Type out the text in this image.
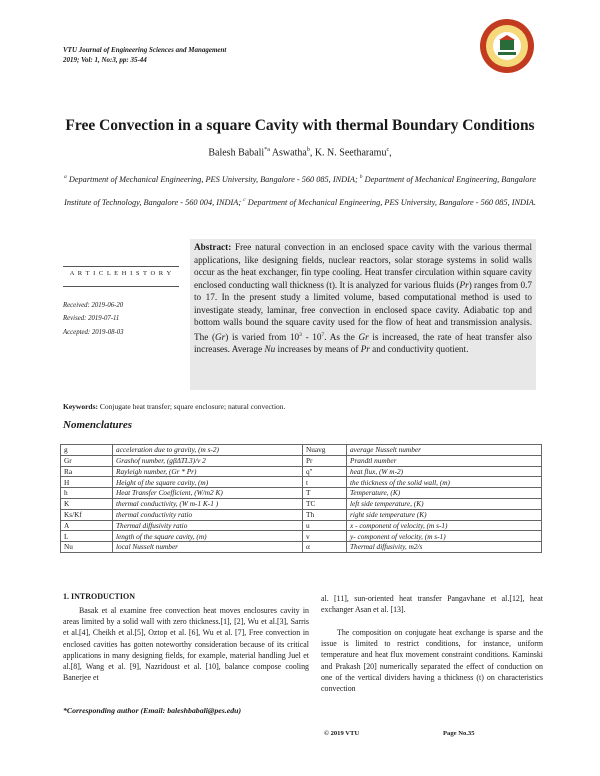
VTU Journal of Engineering Sciences and Management
2019; Vol: 1, No:3, pp: 35-44
Free Convection in a square Cavity with thermal Boundary Conditions
Balesh Babali$^{*a}$ Aswatha$^b$, K. N. Seetharamu$^c$,
$^a$ Department of Mechanical Engineering, PES University, Bangalore - 560 085, INDIA; $^b$ Department of Mechanical Engineering, Bangalore Institute of Technology, Bangalore - 560 004, INDIA; $^c$ Department of Mechanical Engineering, PES University, Bangalore - 560 085, INDIA.
A R T I C L E H I S T O R Y
Received: 2019-06-20
Revised: 2019-07-11
Accepted: 2019-08-03
Abstract: Free natural convection in an enclosed space cavity with the various thermal applications, like designing fields, nuclear reactors, solar storage systems in solid walls occur as the heat exchanger, fin type cooling. Heat transfer circulation within square cavity enclosed conducting wall thickness (t). It is analyzed for various fluids (Pr) ranges from 0.7 to 17. In the present study a limited volume, based computational method is used to investigate steady, laminar, free convection in enclosed space cavity. Adiabatic top and bottom walls bound the square cavity used for the flow of heat and transmission analysis. The (Gr) is varied from $10^3 - 10^7$. As the Gr is increased, the rate of heat transfer also increases. Average Nu increases by means of Pr and conductivity quotient.
Keywords: Conjugate heat transfer; square enclosure; natural convection.
Nomenclatures
g	acceleration due to gravity, (m s-2)	Nuavg	average Nusselt number
Gr	Grashof number, (gβΔTL3)/ν 2	Pr	Prandtl number
Ra	Rayleigh number, (Gr * Pr)	q''	heat flux, (W m-2)
H	Height of the square cavity, (m)	t	the thickness of the solid wall, (m)
h	Heat Transfer Coefficient, (W/m2 K)	T	Temperature, (K)
K	thermal conductivity, (W m-1 K-1 )	TC	left side temperature, (K)
Ks/Kf	thermal conductivity ratio	Th	right side temperature (K)
A	Thermal diffusivity ratio	u	x - component of velocity, (m s-1)
L	length of the square cavity, (m)	v	y- component of velocity, (m s-1)
Nu	local Nusselt number	α	Thermal diffusivity, m2/s
1. INTRODUCTION
Basak et al examine free convection heat moves enclosures cavity in areas limited by a solid wall with zero thickness.[1], [2], Wu et al.[3], Sarris et al.[4], Cheikh et al.[5], Oztop et al. [6], Wu et al. [7], Free convection in enclosed cavities has gotten noteworthy consideration because of its critical applications in many designing fields, for example, material handling Juel et al.[8], Wang et al. [9], Nazridoust et al. [10], balance compose cooling Banerjee et
al. [11], sun-oriented heat transfer Pangavhane et al.[12], heat exchanger Asan et al. [13].
The composition on conjugate heat exchange is sparse and the issue is limited to restrict conditions, for instance, uniform temperature and heat flux movement constraint conditions. Kaminski and Prakash [20] numerically separated the effect of conduction on one of the vertical dividers having a thickness (t) on characteristics convection
*Corresponding author (Email: baleshbabali@pes.edu)
© 2019 VTU	Page No.35
